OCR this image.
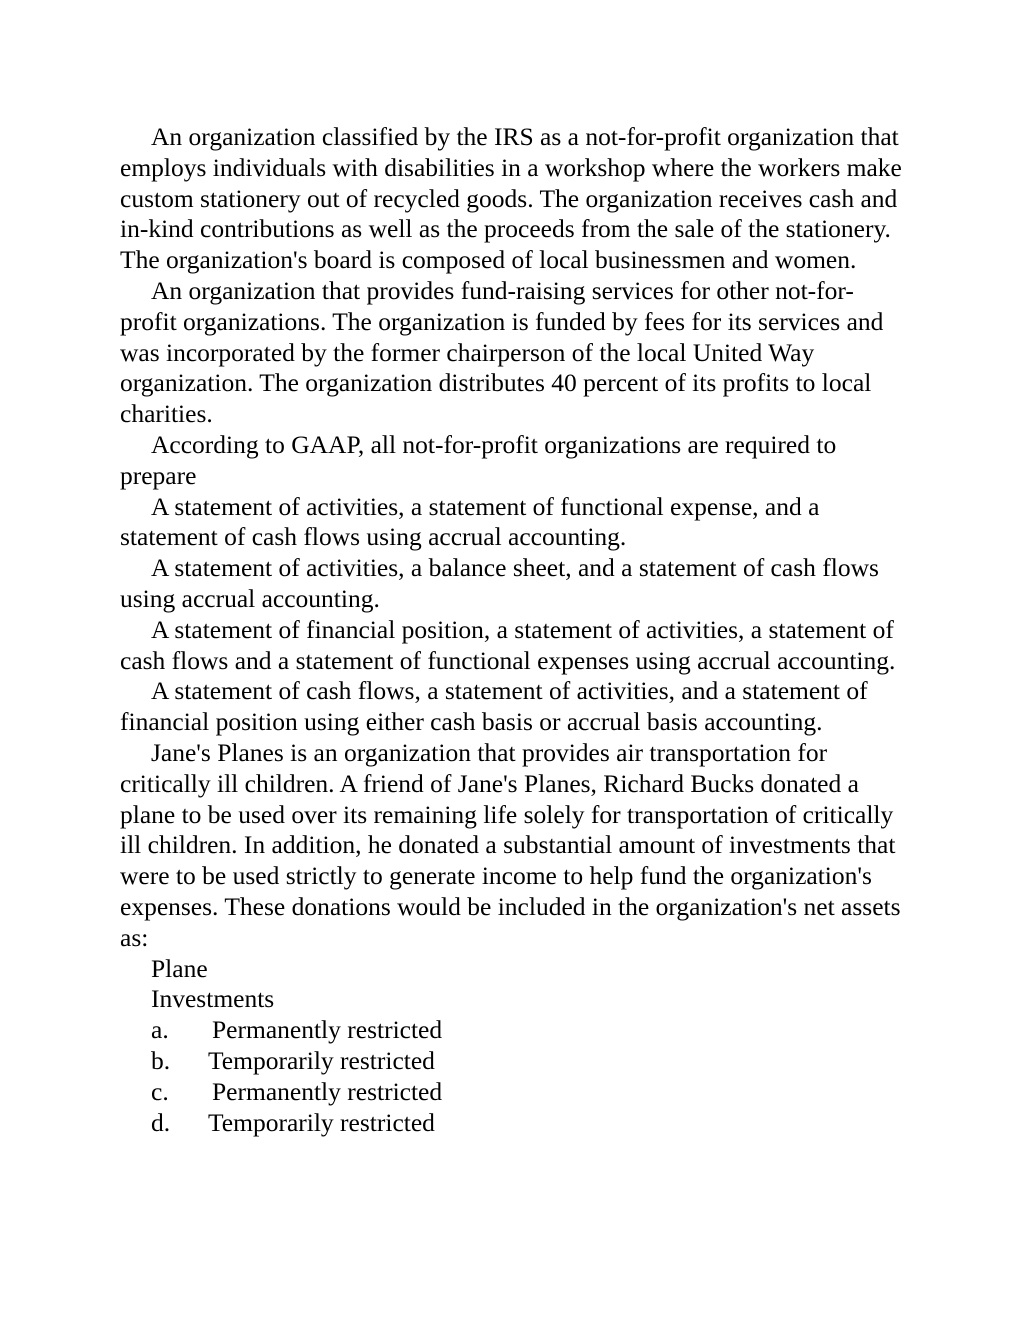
An organization classified by the IRS as a not-for-profit organization that employs individuals with disabilities in a workshop where the workers make custom stationery out of recycled goods. The organization receives cash and in-kind contributions as well as the proceeds from the sale of the stationery. The organization's board is composed of local businessmen and women.

An organization that provides fund-raising services for other not-for-profit organizations. The organization is funded by fees for its services and was incorporated by the former chairperson of the local United Way organization. The organization distributes 40 percent of its profits to local charities.

According to GAAP, all not-for-profit organizations are required to prepare

A statement of activities, a statement of functional expense, and a statement of cash flows using accrual accounting.

A statement of activities, a balance sheet, and a statement of cash flows using accrual accounting.

A statement of financial position, a statement of activities, a statement of cash flows and a statement of functional expenses using accrual accounting.

A statement of cash flows, a statement of activities, and a statement of financial position using either cash basis or accrual basis accounting.

Jane's Planes is an organization that provides air transportation for critically ill children. A friend of Jane's Planes, Richard Bucks donated a plane to be used over its remaining life solely for transportation of critically ill children. In addition, he donated a substantial amount of investments that were to be used strictly to generate income to help fund the organization's expenses. These donations would be included in the organization's net assets as:

Plane

Investments

a. Permanently restricted

b. Temporarily restricted

c. Permanently restricted

d. Temporarily restricted
